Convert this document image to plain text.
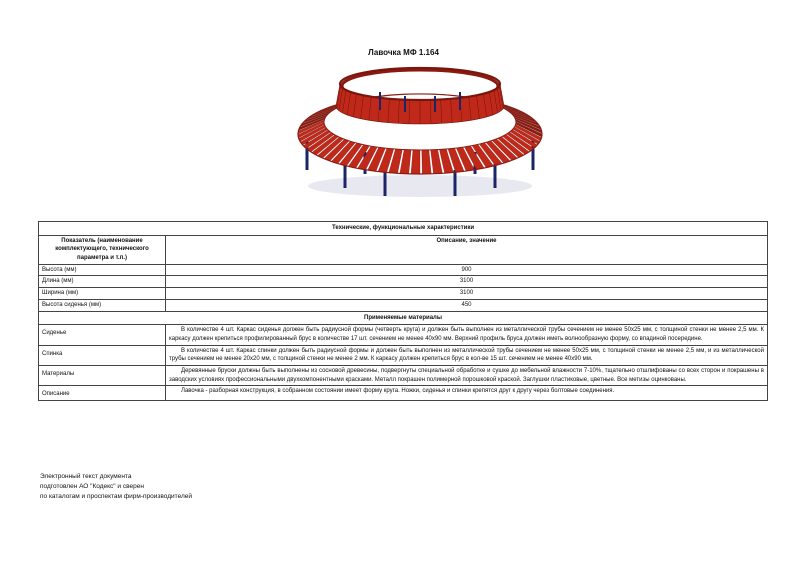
Лавочка МФ 1.164
Технические, функциональные характеристики	
Показатель (наименование комплектующего, технического параметра и т.п.)	Описание, значение
Высота (мм)	900
Длина (мм)	3100
Ширина (мм)	3100
Высота сиденья (мм)	450
Применяемые материалы	
Сиденье	В количестве 4 шт. Каркас сиденья должен быть радиусной формы (четверть круга) и должен быть выполнен из металлической трубы сечением не менее 50х25 мм, с толщиной стенки не менее 2,5 мм. К каркасу должен крепиться профилированный брус в количестве 17 шт. сечением не менее 40х90 мм. Верхний профиль бруса должен иметь волнообразную форму, со впадиной посередине.
Спинка	В количестве 4 шт. Каркас спинки должен быть радиусной формы и должен быть выполнен из металлической трубы сечением не менее 50х25 мм, с толщиной стенки не менее 2,5 мм, и из металлической трубы сечением не менее 20х20 мм, с толщиной стенки не менее 2 мм. К каркасу должен крепиться брус в кол-ве 15 шт. сечением не менее 40х90 мм.
Материалы	Деревянные бруски должны быть выполнены из сосновой древесины, подвергнуты специальной обработке и сушке до мебельной влажности 7-10%, тщательно отшлифованы со всех сторон и покрашены в заводских условиях профессиональными двухкомпонентными красками. Металл покрашен полимерной порошковой краской. Заглушки пластиковые, цветные. Все метизы оцинкованы.
Описание	Лавочка - разборная конструкция, в собранном состоянии имеет форму круга. Ножки, сиденья и спинки крепятся друг к другу через болтовые соединения.
Электронный текст документа
подготовлен АО "Кодекс" и сверен
по каталогам и проспектам фирм-производителей
